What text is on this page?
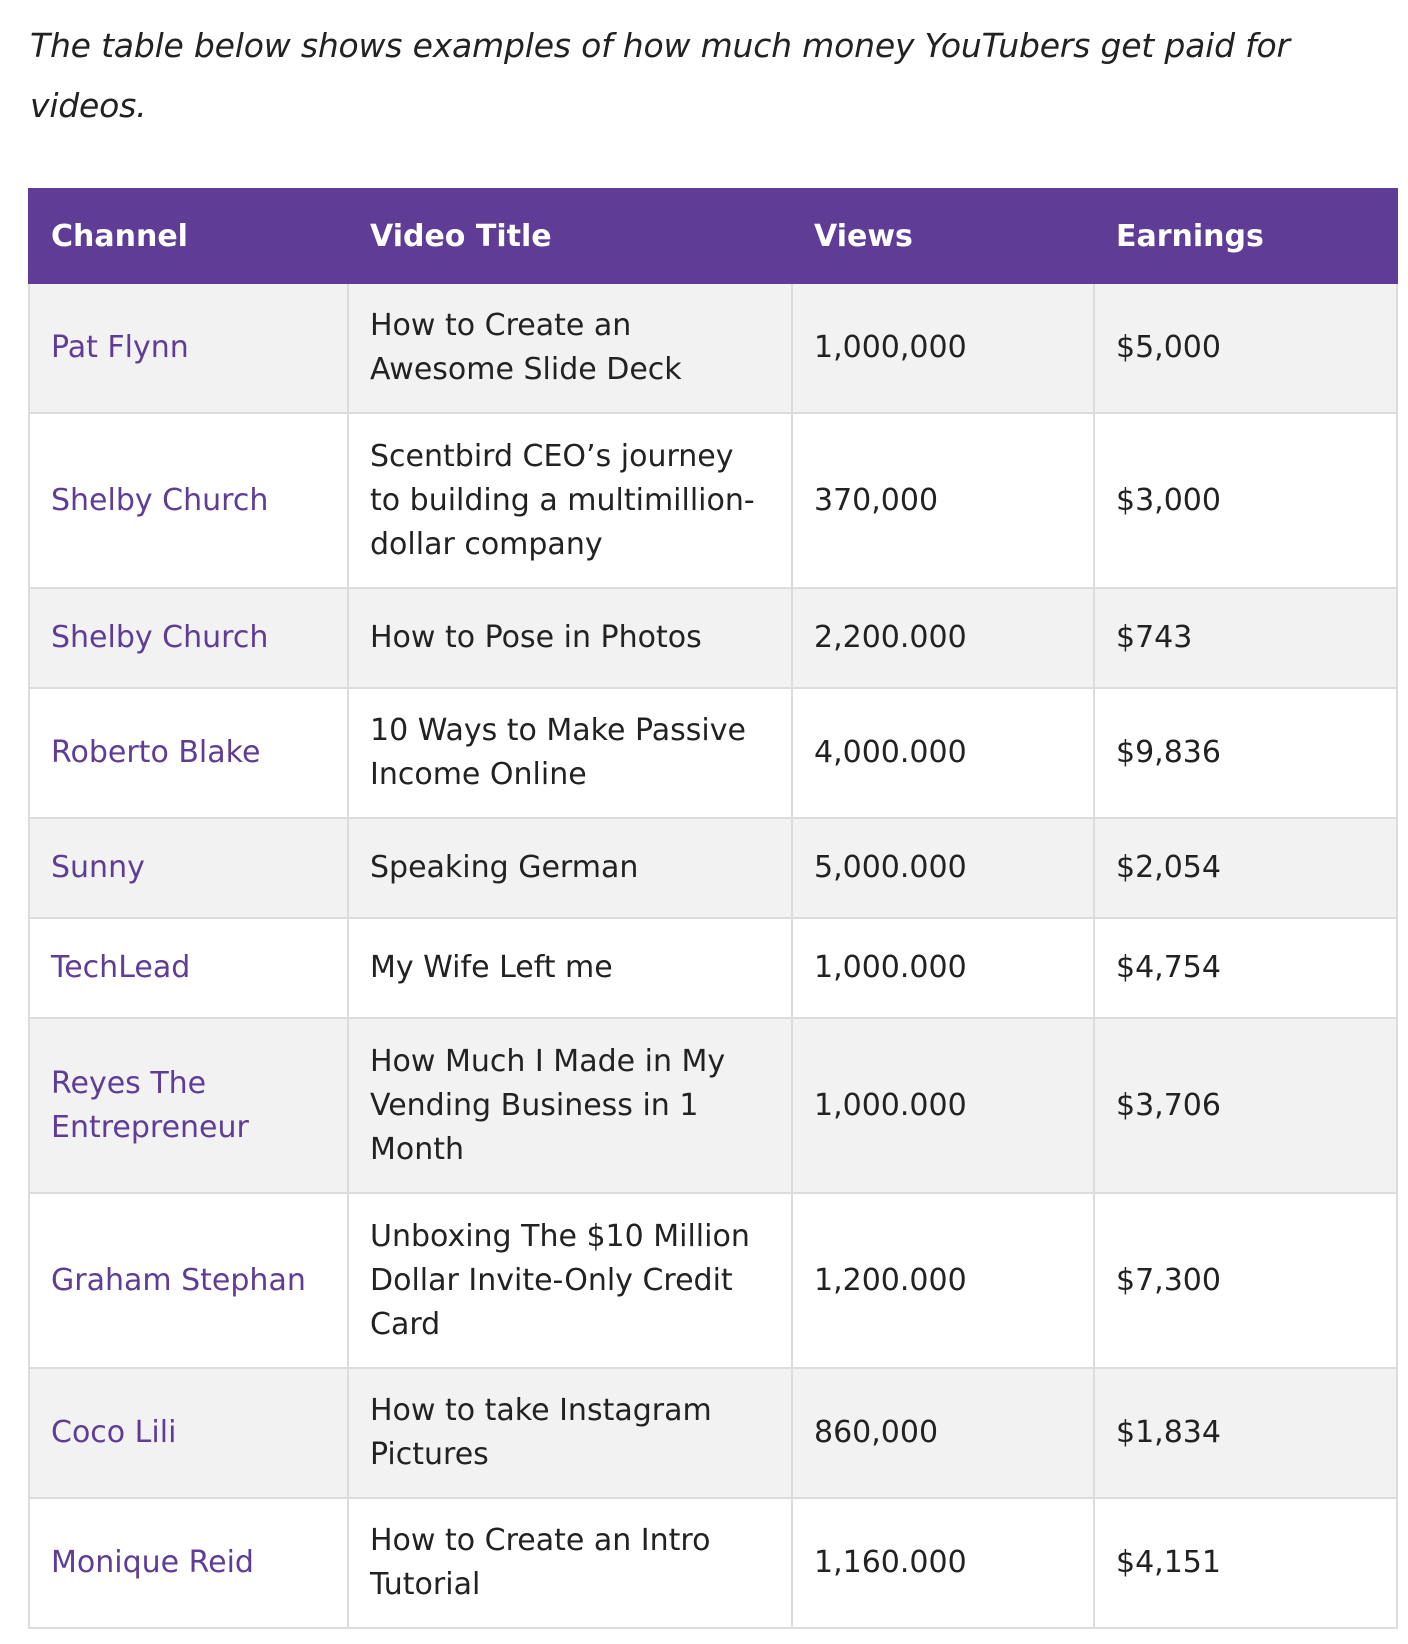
The table below shows examples of how much money YouTubers get paid for videos.

Channel	Video Title	Views	Earnings
Pat Flynn	How to Create an Awesome Slide Deck	1,000,000	$5,000
Shelby Church	Scentbird CEO’s journey to building a multimillion-dollar company	370,000	$3,000
Shelby Church	How to Pose in Photos	2,200.000	$743
Roberto Blake	10 Ways to Make Passive Income Online	4,000.000	$9,836
Sunny	Speaking German	5,000.000	$2,054
TechLead	My Wife Left me	1,000.000	$4,754
Reyes The Entrepreneur	How Much I Made in My Vending Business in 1 Month	1,000.000	$3,706
Graham Stephan	Unboxing The $10 Million Dollar Invite-Only Credit Card	1,200.000	$7,300
Coco Lili	How to take Instagram Pictures	860,000	$1,834
Monique Reid	How to Create an Intro Tutorial	1,160.000	$4,151
